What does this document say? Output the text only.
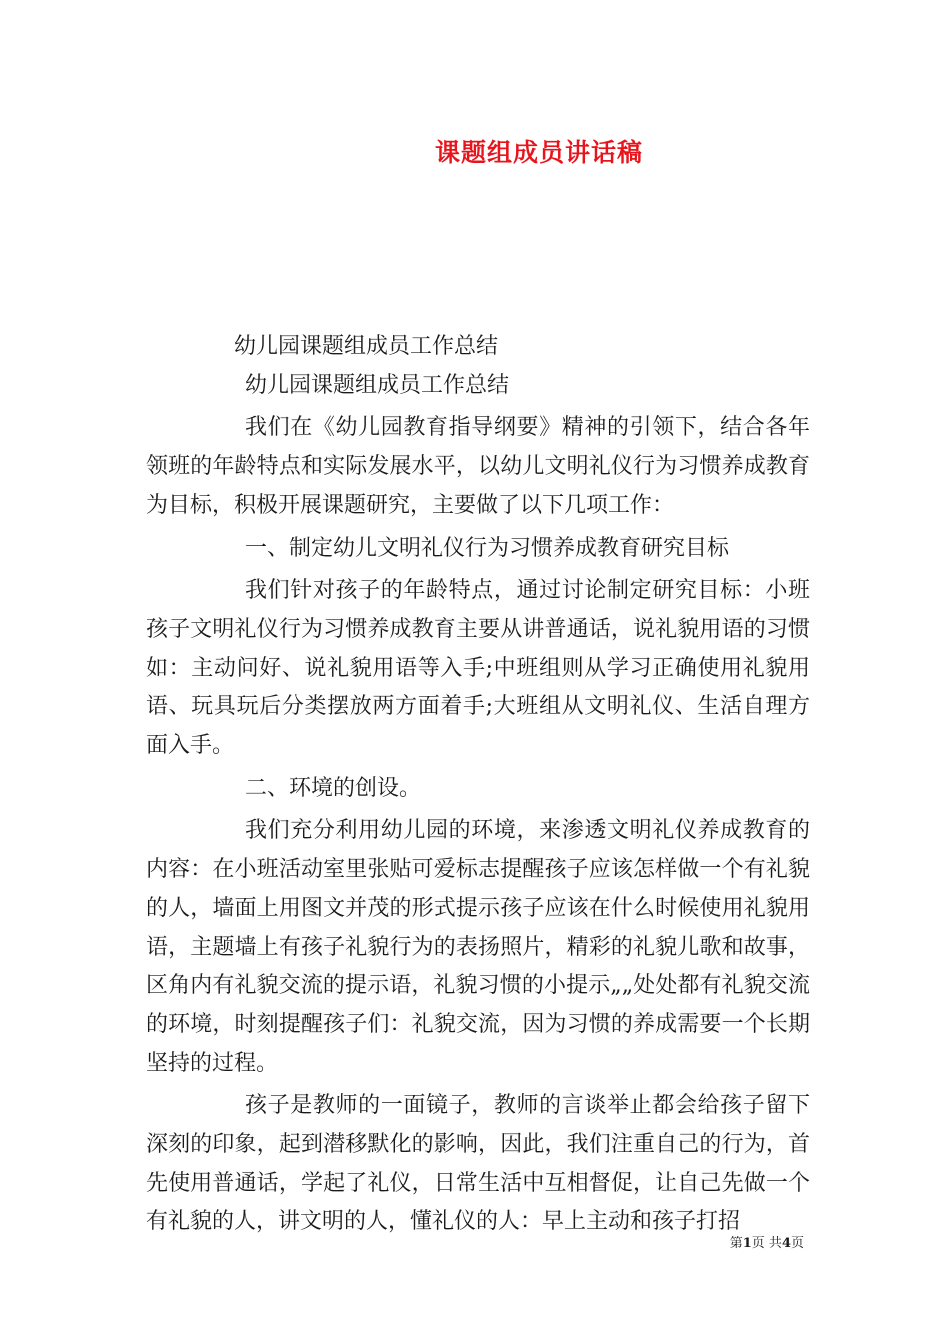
课题组成员讲话稿

幼儿园课题组成员工作总结

幼儿园课题组成员工作总结

我们在《幼儿园教育指导纲要》精神的引领下，结合各年领班的年龄特点和实际发展水平，以幼儿文明礼仪行为习惯养成教育为目标，积极开展课题研究，主要做了以下几项工作：

一、制定幼儿文明礼仪行为习惯养成教育研究目标

我们针对孩子的年龄特点，通过讨论制定研究目标：小班孩子文明礼仪行为习惯养成教育主要从讲普通话，说礼貌用语的习惯如：主动问好、说礼貌用语等入手;中班组则从学习正确使用礼貌用语、玩具玩后分类摆放两方面着手;大班组从文明礼仪、生活自理方面入手。

二、环境的创设。

我们充分利用幼儿园的环境，来渗透文明礼仪养成教育的内容：在小班活动室里张贴可爱标志提醒孩子应该怎样做一个有礼貌的人，墙面上用图文并茂的形式提示孩子应该在什么时候使用礼貌用语，主题墙上有孩子礼貌行为的表扬照片，精彩的礼貌儿歌和故事，区角内有礼貌交流的提示语，礼貌习惯的小提示„„处处都有礼貌交流的环境，时刻提醒孩子们：礼貌交流，因为习惯的养成需要一个长期坚持的过程。

孩子是教师的一面镜子，教师的言谈举止都会给孩子留下深刻的印象，起到潜移默化的影响，因此，我们注重自己的行为，首先使用普通话，学起了礼仪，日常生活中互相督促，让自己先做一个有礼貌的人，讲文明的人，懂礼仪的人：早上主动和孩子打招

第1页 共4页
